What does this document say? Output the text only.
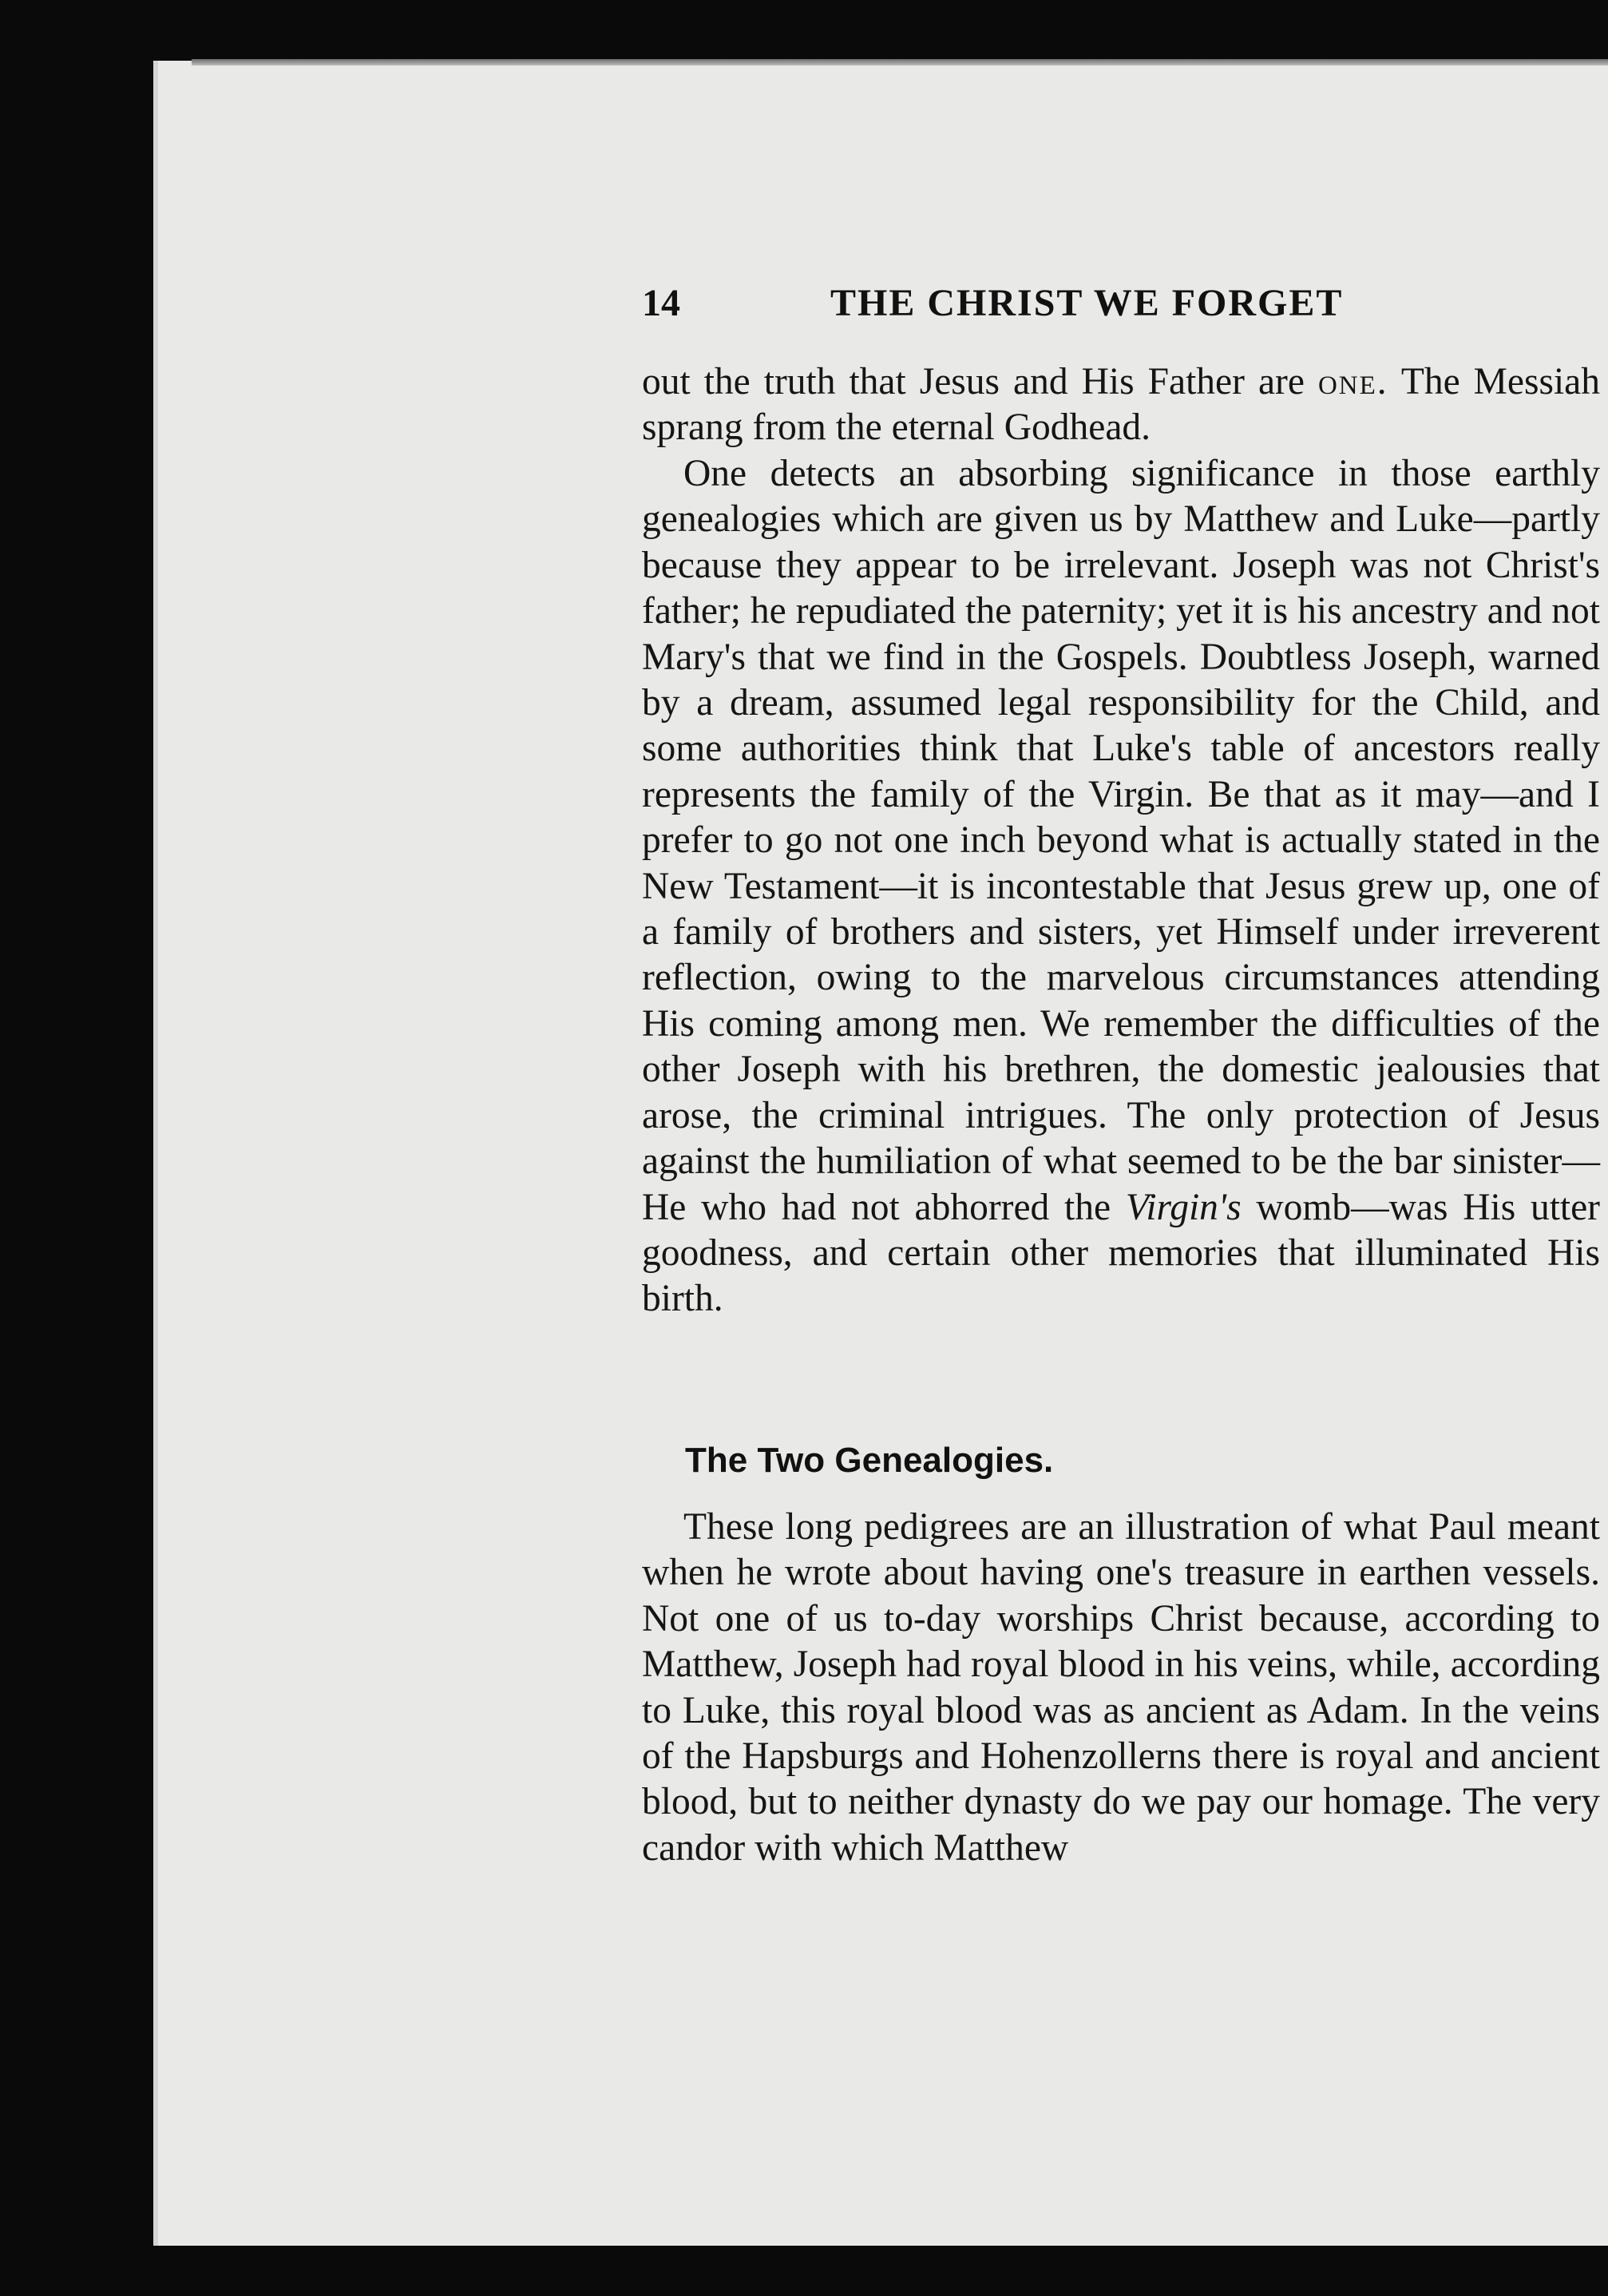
14	THE CHRIST WE FORGET

out the truth that Jesus and His Father are one. The Messiah sprang from the eternal Godhead.

One detects an absorbing significance in those earthly genealogies which are given us by Matthew and Luke—partly because they appear to be irrelevant. Joseph was not Christ's father; he repudiated the paternity; yet it is his ancestry and not Mary's that we find in the Gospels. Doubtless Joseph, warned by a dream, assumed legal responsibility for the Child, and some authorities think that Luke's table of ancestors really represents the family of the Virgin. Be that as it may—and I prefer to go not one inch beyond what is actually stated in the New Testament—it is incontestable that Jesus grew up, one of a family of brothers and sisters, yet Himself under irreverent reflection, owing to the marvelous circumstances attending His coming among men. We remember the difficulties of the other Joseph with his brethren, the domestic jealousies that arose, the criminal intrigues. The only protection of Jesus against the humiliation of what seemed to be the bar sinister—He who had not abhorred the Virgin's womb—was His utter goodness, and certain other memories that illuminated His birth.

The Two Genealogies.

These long pedigrees are an illustration of what Paul meant when he wrote about having one's treasure in earthen vessels. Not one of us to-day worships Christ because, according to Matthew, Joseph had royal blood in his veins, while, according to Luke, this royal blood was as ancient as Adam. In the veins of the Hapsburgs and Hohenzollerns there is royal and ancient blood, but to neither dynasty do we pay our homage. The very candor with which Matthew
